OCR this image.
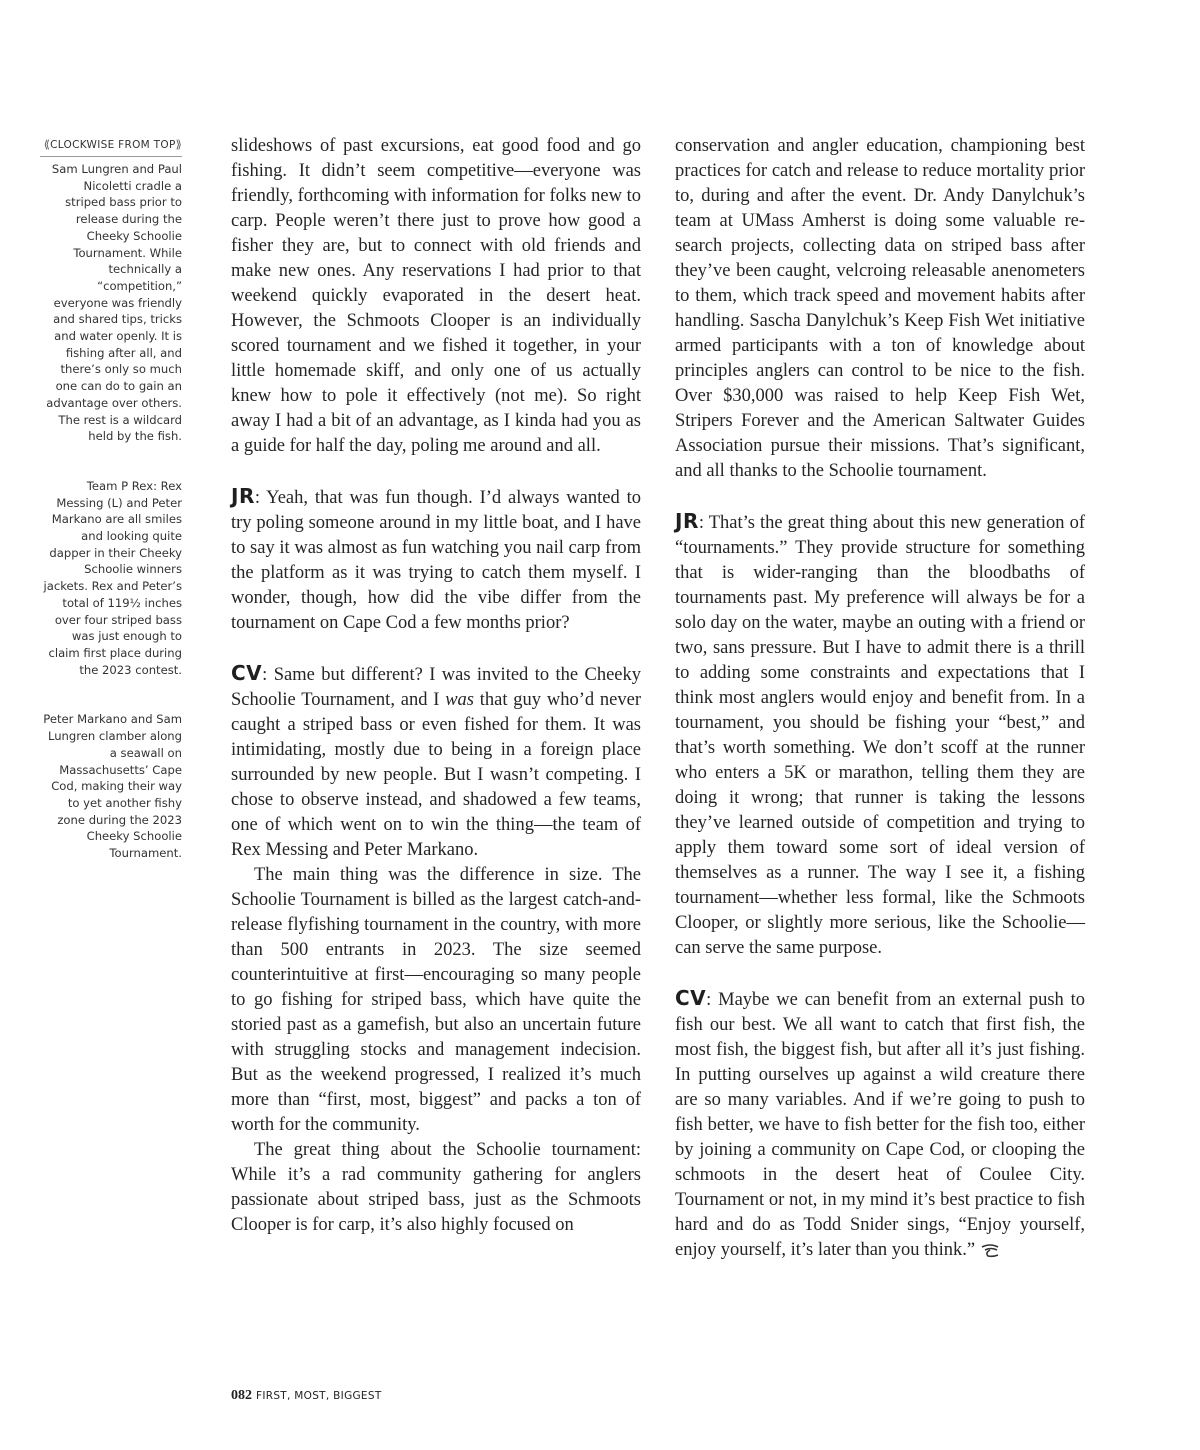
⟪CLOCKWISE FROM TOP⟫

Sam Lungren and Paul Nicoletti cradle a striped bass prior to release during the Cheeky Schoolie Tournament. While technically a “competition,” everyone was friendly and shared tips, tricks and water openly. It is fishing after all, and there’s only so much one can do to gain an advantage over others. The rest is a wildcard held by the fish.

Team P Rex: Rex Messing (L) and Peter Markano are all smiles and looking quite dapper in their Cheeky Schoolie winners jackets. Rex and Peter’s total of 119½ inches over four striped bass was just enough to claim first place during the 2023 contest.

Peter Markano and Sam Lungren clamber along a seawall on Massachusetts’ Cape Cod, making their way to yet another fishy zone during the 2023 Cheeky Schoolie Tournament.

slideshows of past excursions, eat good food and go fishing. It didn’t seem competitive—everyone was friendly, forthcoming with information for folks new to carp. People weren’t there just to prove how good a fisher they are, but to connect with old friends and make new ones. Any reservations I had prior to that weekend quickly evaporated in the desert heat. However, the Schmoots Clooper is an individually scored tournament and we fished it together, in your little homemade skiff, and only one of us actually knew how to pole it effectively (not me). So right away I had a bit of an advantage, as I kinda had you as a guide for half the day, poling me around and all.

JR: Yeah, that was fun though. I’d always wanted to try poling someone around in my little boat, and I have to say it was almost as fun watching you nail carp from the platform as it was trying to catch them myself. I wonder, though, how did the vibe differ from the tournament on Cape Cod a few months prior?

CV: Same but different? I was invited to the Cheeky Schoolie Tournament, and I was that guy who’d never caught a striped bass or even fished for them. It was intimidating, mostly due to being in a foreign place surrounded by new people. But I wasn’t competing. I chose to observe instead, and shadowed a few teams, one of which went on to win the thing—the team of Rex Messing and Peter Markano.

The main thing was the difference in size. The Schoolie Tournament is billed as the largest catch-and-release flyfishing tournament in the country, with more than 500 entrants in 2023. The size seemed counterintuitive at first—encouraging so many people to go fishing for striped bass, which have quite the storied past as a gamefish, but also an uncertain future with struggling stocks and management indecision. But as the weekend progressed, I realized it’s much more than “first, most, biggest” and packs a ton of worth for the community.

The great thing about the Schoolie tournament: While it’s a rad community gathering for anglers passionate about striped bass, just as the Schmoots Clooper is for carp, it’s also highly focused on

conservation and angler education, championing best practices for catch and release to reduce mortality prior to, during and after the event. Dr. Andy Danylchuk’s team at UMass Amherst is doing some valuable research projects, collecting data on striped bass after they’ve been caught, velcroing releasable anenometers to them, which track speed and movement habits after handling. Sascha Danylchuk’s Keep Fish Wet initiative armed participants with a ton of knowledge about principles anglers can control to be nice to the fish. Over $30,000 was raised to help Keep Fish Wet, Stripers Forever and the American Saltwater Guides Association pursue their missions. That’s significant, and all thanks to the Schoolie tournament.

JR: That’s the great thing about this new generation of “tournaments.” They provide structure for something that is wider-ranging than the bloodbaths of tournaments past. My preference will always be for a solo day on the water, maybe an outing with a friend or two, sans pressure. But I have to admit there is a thrill to adding some constraints and expectations that I think most anglers would enjoy and benefit from. In a tournament, you should be fishing your “best,” and that’s worth something. We don’t scoff at the runner who enters a 5K or marathon, telling them they are doing it wrong; that runner is taking the lessons they’ve learned outside of competition and trying to apply them toward some sort of ideal version of themselves as a runner. The way I see it, a fishing tournament—whether less formal, like the Schmoots Clooper, or slightly more serious, like the Schoolie—can serve the same purpose.

CV: Maybe we can benefit from an external push to fish our best. We all want to catch that first fish, the most fish, the biggest fish, but after all it’s just fishing. In putting ourselves up against a wild creature there are so many variables. And if we’re going to push to fish better, we have to fish better for the fish too, either by joining a community on Cape Cod, or clooping the schmoots in the desert heat of Coulee City. Tournament or not, in my mind it’s best practice to fish hard and do as Todd Snider sings, “Enjoy yourself, enjoy yourself, it’s later than you think.”

082 FIRST, MOST, BIGGEST
